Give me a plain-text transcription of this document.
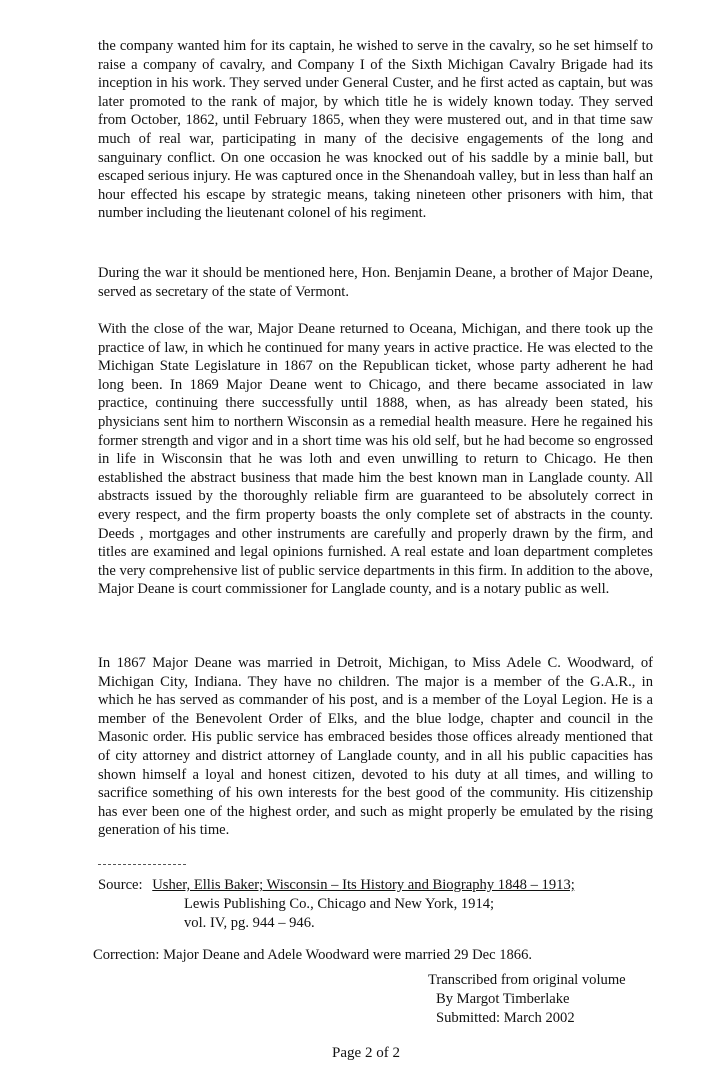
the company wanted him for its captain, he wished to serve in the cavalry, so he set himself to raise a company of cavalry, and Company I of the Sixth Michigan Cavalry Brigade had its inception in his work. They served under General Custer, and he first acted as captain, but was later promoted to the rank of major, by which title he is widely known today. They served from October, 1862, until February 1865, when they were mustered out, and in that time saw much of real war, participating in many of the decisive engagements of the long and sanguinary conflict. On one occasion he was knocked out of his saddle by a minie ball, but escaped serious injury. He was captured once in the Shenandoah valley, but in less than half an hour effected his escape by strategic means, taking nineteen other prisoners with him, that number including the lieutenant colonel of his regiment.

During the war it should be mentioned here, Hon. Benjamin Deane, a brother of Major Deane, served as secretary of the state of Vermont.

With the close of the war, Major Deane returned to Oceana, Michigan, and there took up the practice of law, in which he continued for many years in active practice. He was elected to the Michigan State Legislature in 1867 on the Republican ticket, whose party adherent he had long been. In 1869 Major Deane went to Chicago, and there became associated in law practice, continuing there successfully until 1888, when, as has already been stated, his physicians sent him to northern Wisconsin as a remedial health measure. Here he regained his former strength and vigor and in a short time was his old self, but he had become so engrossed in life in Wisconsin that he was loth and even unwilling to return to Chicago. He then established the abstract business that made him the best known man in Langlade county. All abstracts issued by the thoroughly reliable firm are guaranteed to be absolutely correct in every respect, and the firm property boasts the only complete set of abstracts in the county. Deeds , mortgages and other instruments are carefully and properly drawn by the firm, and titles are examined and legal opinions furnished. A real estate and loan department completes the very comprehensive list of public service departments in this firm. In addition to the above, Major Deane is court commissioner for Langlade county, and is a notary public as well.

In 1867 Major Deane was married in Detroit, Michigan, to Miss Adele C. Woodward, of Michigan City, Indiana. They have no children. The major is a member of the G.A.R., in which he has served as commander of his post, and is a member of the Loyal Legion. He is a member of the Benevolent Order of Elks, and the blue lodge, chapter and council in the Masonic order. His public service has embraced besides those offices already mentioned that of city attorney and district attorney of Langlade county, and in all his public capacities has shown himself a loyal and honest citizen, devoted to his duty at all times, and willing to sacrifice something of his own interests for the best good of the community. His citizenship has ever been one of the highest order, and such as might properly be emulated by the rising generation of his time.

Source: Usher, Ellis Baker; Wisconsin – Its History and Biography 1848 – 1913;
Lewis Publishing Co., Chicago and New York, 1914;
vol. IV, pg. 944 – 946.
Correction: Major Deane and Adele Woodward were married 29 Dec 1866.
Transcribed from original volume
By Margot Timberlake
Submitted: March 2002
Page 2 of 2
